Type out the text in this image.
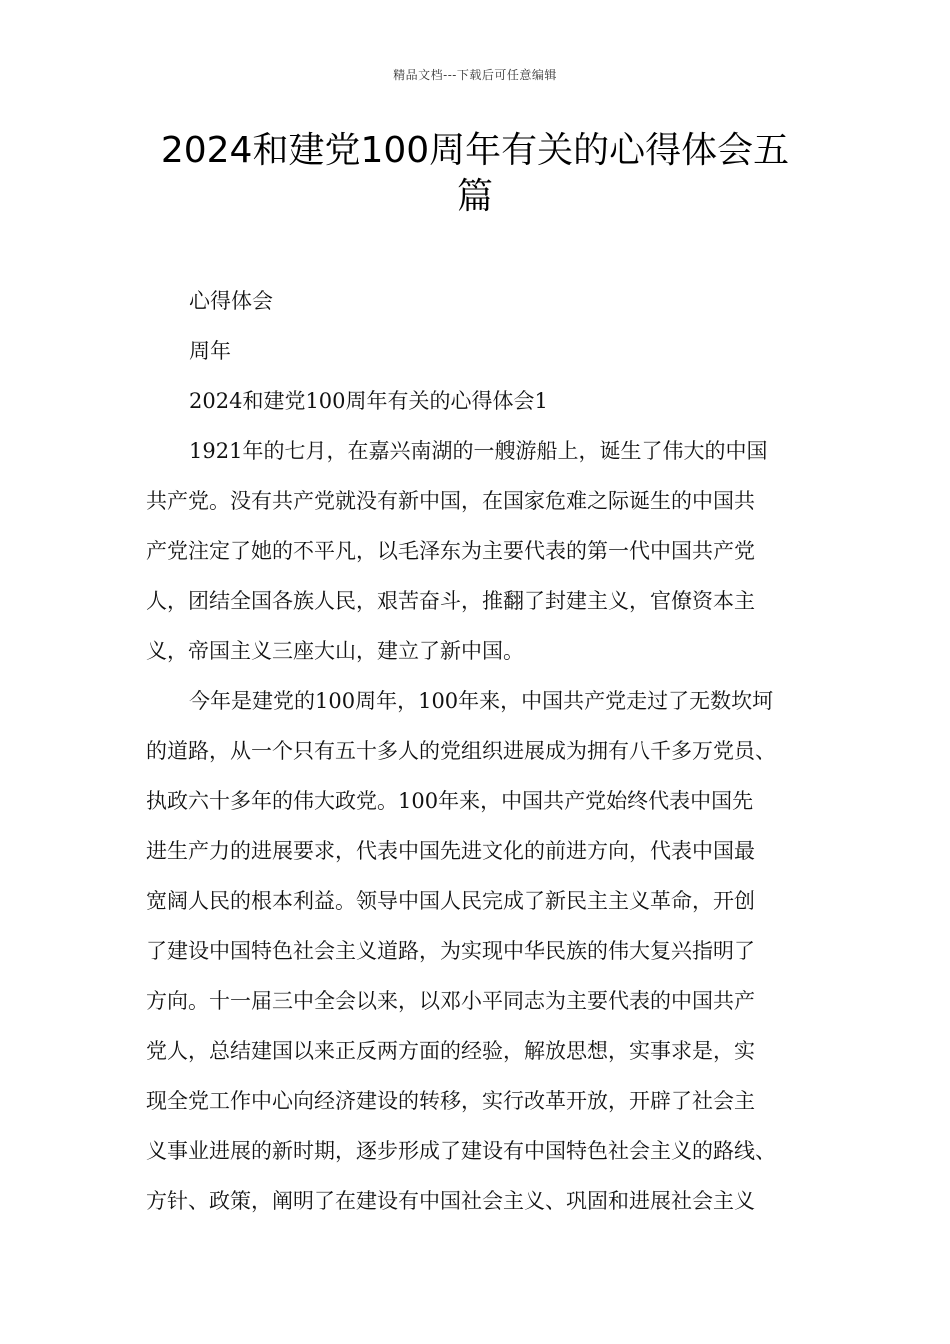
精品文档---下载后可任意编辑
2024和建党100周年有关的心得体会五
篇
心得体会
周年
2024和建党100周年有关的心得体会1
1921年的七月，在嘉兴南湖的一艘游船上，诞生了伟大的中国
共产党。没有共产党就没有新中国，在国家危难之际诞生的中国共
产党注定了她的不平凡，以毛泽东为主要代表的第一代中国共产党
人，团结全国各族人民，艰苦奋斗，推翻了封建主义，官僚资本主
义，帝国主义三座大山，建立了新中国。
今年是建党的100周年，100年来，中国共产党走过了无数坎坷
的道路，从一个只有五十多人的党组织进展成为拥有八千多万党员、
执政六十多年的伟大政党。100年来，中国共产党始终代表中国先
进生产力的进展要求，代表中国先进文化的前进方向，代表中国最
宽阔人民的根本利益。领导中国人民完成了新民主主义革命，开创
了建设中国特色社会主义道路，为实现中华民族的伟大复兴指明了
方向。十一届三中全会以来，以邓小平同志为主要代表的中国共产
党人，总结建国以来正反两方面的经验，解放思想，实事求是，实
现全党工作中心向经济建设的转移，实行改革开放，开辟了社会主
义事业进展的新时期，逐步形成了建设有中国特色社会主义的路线、
方针、政策，阐明了在建设有中国社会主义、巩固和进展社会主义
